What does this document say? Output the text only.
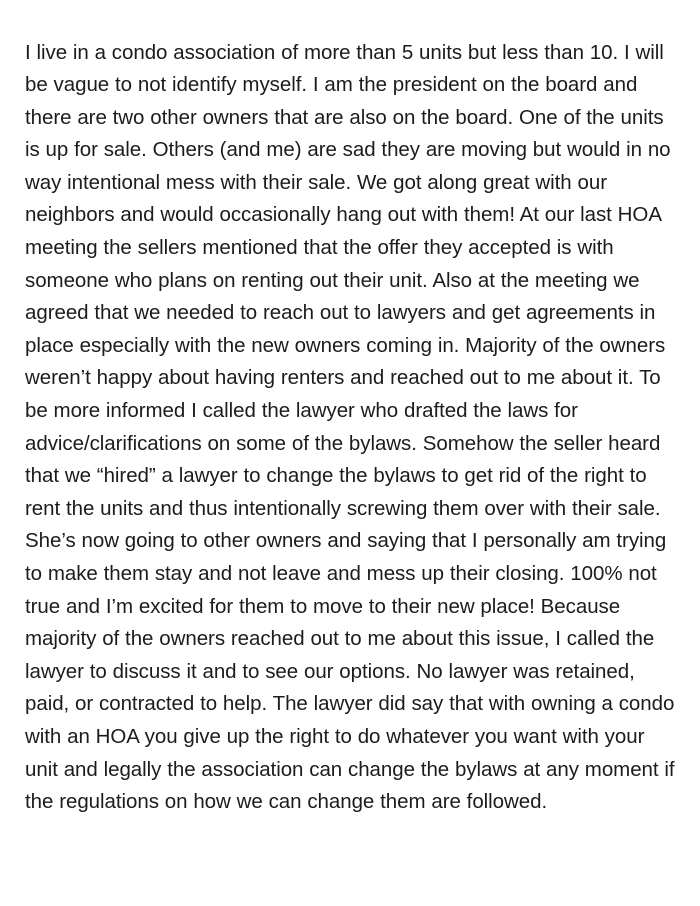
I live in a condo association of more than 5 units but less than 10. I will be vague to not identify myself. I am the president on the board and there are two other owners that are also on the board. One of the units is up for sale. Others (and me) are sad they are moving but would in no way intentional mess with their sale. We got along great with our neighbors and would occasionally hang out with them! At our last HOA meeting the sellers mentioned that the offer they accepted is with someone who plans on renting out their unit. Also at the meeting we agreed that we needed to reach out to lawyers and get agreements in place especially with the new owners coming in. Majority of the owners weren’t happy about having renters and reached out to me about it. To be more informed I called the lawyer who drafted the laws for advice/clarifications on some of the bylaws. Somehow the seller heard that we “hired” a lawyer to change the bylaws to get rid of the right to rent the units and thus intentionally screwing them over with their sale. She’s now going to other owners and saying that I personally am trying to make them stay and not leave and mess up their closing. 100% not true and I’m excited for them to move to their new place! Because majority of the owners reached out to me about this issue, I called the lawyer to discuss it and to see our options. No lawyer was retained, paid, or contracted to help. The lawyer did say that with owning a condo with an HOA you give up the right to do whatever you want with your unit and legally the association can change the bylaws at any moment if the regulations on how we can change them are followed.
